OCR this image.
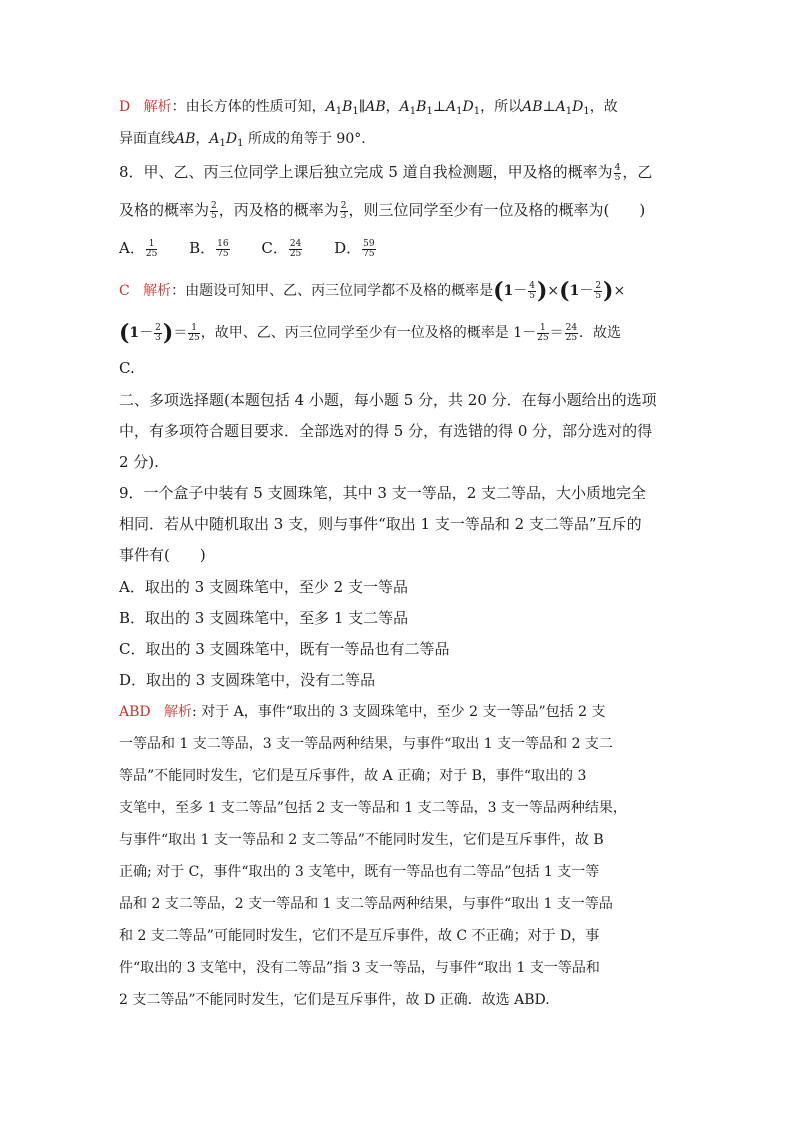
D 解析：由长方体的性质可知，$A_1B_1\parallel AB$，$A_1B_1\perp A_1D_1$，所以$AB\perp A_1D_1$，故
异面直线AB，$A_1D_1$ 所成的角等于 90°.
8．甲、乙、丙三位同学上课后独立完成 5 道自我检测题，甲及格的概率为 $\frac{4}{5}$ ，乙
及格的概率为 $\frac{2}{5}$ ，丙及格的概率为 $\frac{2}{3}$ ，则三位同学至少有一位及格的概率为(　　)
A． $\frac{1}{25}$ B． $\frac{16}{75}$ C． $\frac{24}{25}$ D． $\frac{59}{75}$
C 解析：由题设可知甲、乙、丙三位同学都不及格的概率是$(1- \frac{4}{5} )\times(1- \frac{2}{5}$ )×
($1- \frac{2}{3}$ )＝ $\frac{1}{25}$ ，故甲、乙、丙三位同学至少有一位及格的概率是 $1- \frac{1}{25} = \frac{24}{25}$ ．故选
C.
二、多项选择题(本题包括 4 小题，每小题 5 分，共 20 分．在每小题给出的选项
中，有多项符合题目要求．全部选对的得 5 分，有选错的得 0 分，部分选对的得
2 分).
9．一个盒子中装有 5 支圆珠笔，其中 3 支一等品，2 支二等品，大小质地完全
相同．若从中随机取出 3 支，则与事件“取出 1 支一等品和 2 支二等品”互斥的
事件有(　　)
A．取出的 3 支圆珠笔中，至少 2 支一等品
B．取出的 3 支圆珠笔中，至多 1 支二等品
C．取出的 3 支圆珠笔中，既有一等品也有二等品
D．取出的 3 支圆珠笔中，没有二等品
ABD 解析: 对于 A，事件“取出的 3 支圆珠笔中，至少 2 支一等品”包括 2 支
一等品和 1 支二等品，3 支一等品两种结果，与事件“取出 1 支一等品和 2 支二
等品”不能同时发生，它们是互斥事件，故 A 正确；对于 B，事件“取出的 3
支笔中，至多 1 支二等品”包括 2 支一等品和 1 支二等品，3 支一等品两种结果，
与事件“取出 1 支一等品和 2 支二等品”不能同时发生，它们是互斥事件，故 B
正确; 对于 C，事件“取出的 3 支笔中，既有一等品也有二等品”包括 1 支一等
品和 2 支二等品，2 支一等品和 1 支二等品两种结果，与事件“取出 1 支一等品
和 2 支二等品”可能同时发生，它们不是互斥事件，故 C 不正确；对于 D，事
件“取出的 3 支笔中，没有二等品”指 3 支一等品，与事件“取出 1 支一等品和
2 支二等品”不能同时发生，它们是互斥事件，故 D 正确．故选 ABD.
